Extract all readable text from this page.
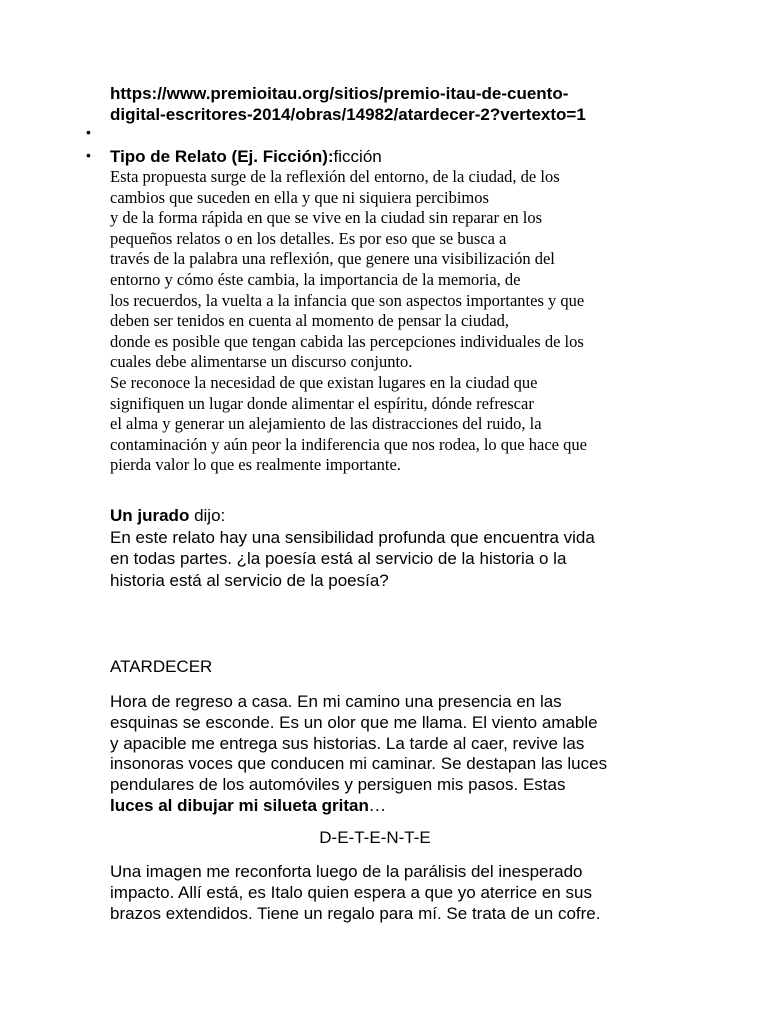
https://www.premioitau.org/sitios/premio-itau-de-cuento-
digital-escritores-2014/obras/14982/atardecer-2?vertexto=1
•
• Tipo de Relato (Ej. Ficción):ficción
Esta propuesta surge de la reflexión del entorno, de la ciudad, de los
cambios que suceden en ella y que ni siquiera percibimos
y de la forma rápida en que se vive en la ciudad sin reparar en los
pequeños relatos o en los detalles. Es por eso que se busca a
través de la palabra una reflexión, que genere una visibilización del
entorno y cómo éste cambia, la importancia de la memoria, de
los recuerdos, la vuelta a la infancia que son aspectos importantes y que
deben ser tenidos en cuenta al momento de pensar la ciudad,
donde es posible que tengan cabida las percepciones individuales de los
cuales debe alimentarse un discurso conjunto.
Se reconoce la necesidad de que existan lugares en la ciudad que
signifiquen un lugar donde alimentar el espíritu, dónde refrescar
el alma y generar un alejamiento de las distracciones del ruido, la
contaminación y aún peor la indiferencia que nos rodea, lo que hace que
pierda valor lo que es realmente importante.
Un jurado dijo:
En este relato hay una sensibilidad profunda que encuentra vida
en todas partes. ¿la poesía está al servicio de la historia o la
historia está al servicio de la poesía?
ATARDECER
Hora de regreso a casa. En mi camino una presencia en las
esquinas se esconde. Es un olor que me llama. El viento amable
y apacible me entrega sus historias. La tarde al caer, revive las
insonoras voces que conducen mi caminar. Se destapan las luces
pendulares de los automóviles y persiguen mis pasos. Estas
luces al dibujar mi silueta gritan…
D-E-T-E-N-T-E
Una imagen me reconforta luego de la parálisis del inesperado
impacto. Allí está, es Italo quien espera a que yo aterrice en sus
brazos extendidos. Tiene un regalo para mí. Se trata de un cofre.
